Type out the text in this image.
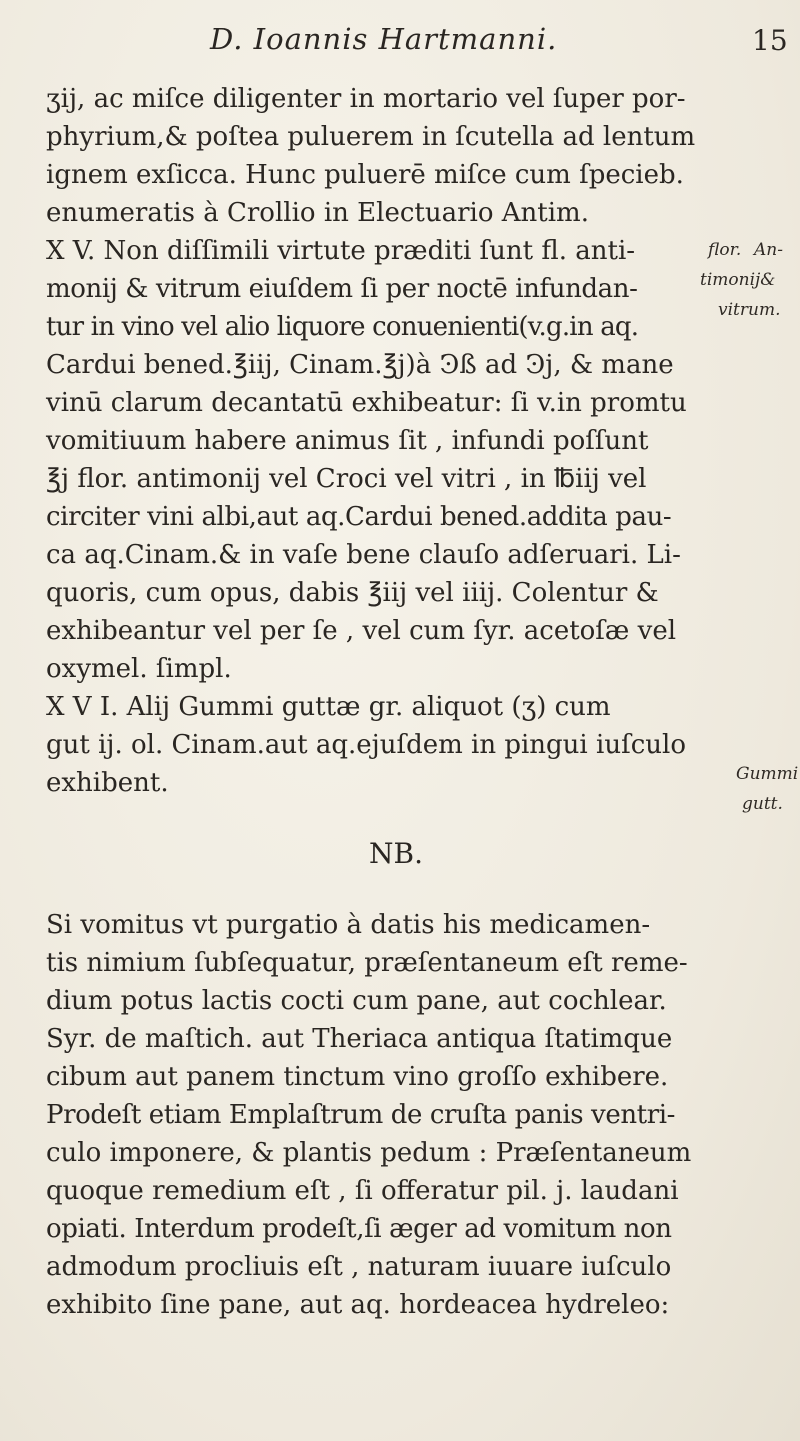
D. Ioannis Hartmanni.	15
ʒij, ac miſce diligenter in mortario vel ſuper por-
phyrium,& poſtea puluerem in ſcutella ad lentum
ignem exſicca. Hunc puluerē miſce cum ſpecieb.
enumeratis à Crollio in Electuario Antim.
X V. Non diſſimili virtute præditi ſunt fl. anti-
monij & vitrum eiuſdem ſi per noctē infundan-
tur in vino vel alio liquore conuenienti(v.g.in aq.
Cardui bened.℥iij, Cinam.℥j)à Ͽß ad Ͽj, & mane
vinū clarum decantatū exhibeatur: ſi v.in promtu
vomitiuum habere animus ſit , infundi poſſunt
℥j flor. antimonij vel Croci vel vitri , in ℔iij vel
circiter vini albi,aut aq.Cardui bened.addita pau-
ca aq.Cinam.& in vaſe bene clauſo adſeruari. Li-
quoris, cum opus, dabis ℥iij vel iiij. Colentur &
exhibeantur vel per ſe , vel cum ſyr. acetoſæ vel
oxymel. ſimpl.
X V I. Alij Gummi guttæ gr. aliquot (ʒ) cum
gut ij. ol. Cinam.aut aq.ejuſdem in pingui iuſculo
exhibent.
NB.
Si vomitus vt purgatio à datis his medicamen-
tis nimium ſubſequatur, præſentaneum eſt reme-
dium potus lactis cocti cum pane, aut cochlear.
Syr. de maſtich. aut Theriaca antiqua ſtatimque
cibum aut panem tinctum vino groſſo exhibere.
Prodeſt etiam Emplaſtrum de cruſta panis ventri-
culo imponere, & plantis pedum : Præſentaneum
quoque remedium eſt , ſi offeratur pil. j. laudani
opiati. Interdum prodeſt,ſi æger ad vomitum non
admodum procliuis eſt , naturam iuuare iuſculo
exhibito ſine pane, aut aq. hordeacea hydreleo:
flor. An-
timonij&
vitrum.
Gummi
gutt.
